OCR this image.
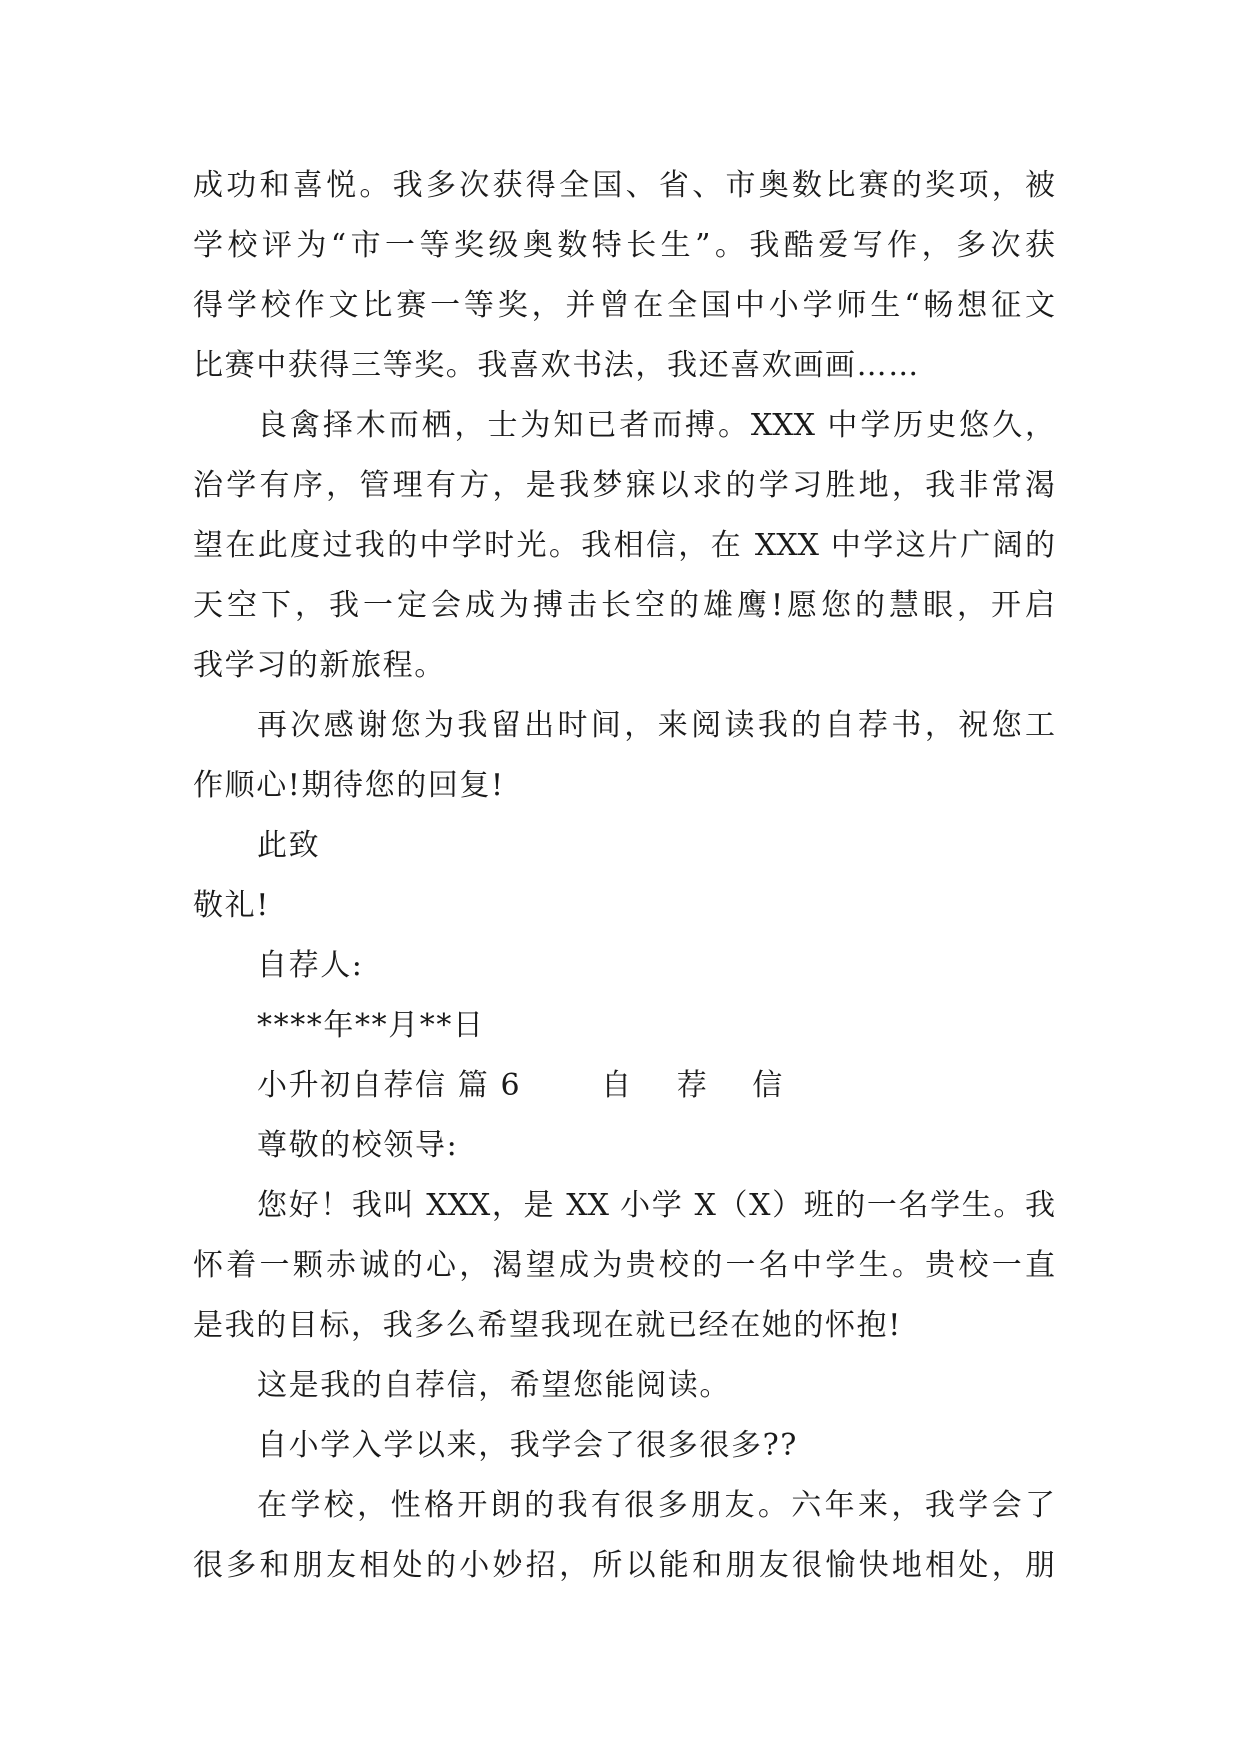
成功和喜悦。我多次获得全国、省、市奥数比赛的奖项，被
学校评为“市一等奖级奥数特长生”。我酷爱写作，多次获
得学校作文比赛一等奖，并曾在全国中小学师生“畅想征文
比赛中获得三等奖。我喜欢书法，我还喜欢画画……
良禽择木而栖，士为知已者而搏。XXX 中学历史悠久，
治学有序，管理有方，是我梦寐以求的学习胜地，我非常渴
望在此度过我的中学时光。我相信，在 XXX 中学这片广阔的
天空下，我一定会成为搏击长空的雄鹰!愿您的慧眼，开启
我学习的新旅程。
再次感谢您为我留出时间，来阅读我的自荐书，祝您工
作顺心!期待您的回复!
此致
敬礼!
自荐人:
****年**月**日
小升初自荐信 篇 6	自 荐 信
尊敬的校领导:
您好！我叫 XXX，是 XX 小学 X（X）班的一名学生。我
怀着一颗赤诚的心，渴望成为贵校的一名中学生。贵校一直
是我的目标，我多么希望我现在就已经在她的怀抱!
这是我的自荐信，希望您能阅读。
自小学入学以来，我学会了很多很多??
在学校，性格开朗的我有很多朋友。六年来，我学会了
很多和朋友相处的小妙招，所以能和朋友很愉快地相处，朋
